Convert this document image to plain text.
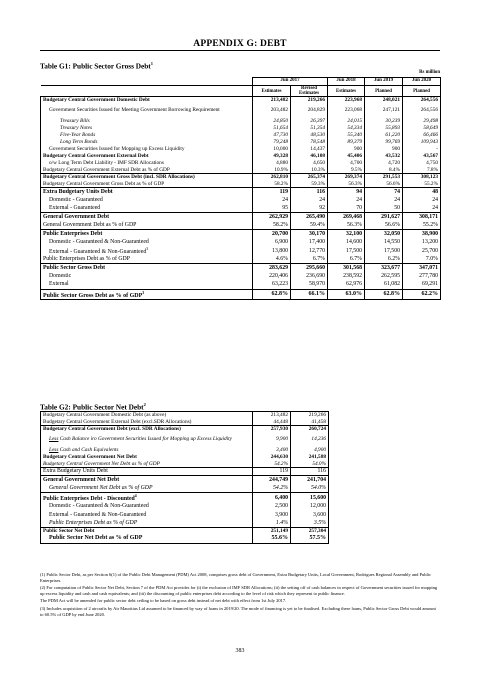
APPENDIX G: DEBT
Table G1: Public Sector Gross Debt$^1$
Rs million
	Jun 2017		Jun 2018	Jun 2019	Jun 2020
	Estimates	Revised Estimates	Estimates	Planned	Planned
Budgetary Central Government Domestic Debt	213,482	219,266	223,968	248,021	264,556
Government Securities Issued for Meeting Government Borrowing Requirement	203,482	204,829	223,068	247,121	264,556
Treasury Bills	24,850	26,397	24,015	30,239	29,498
Treasury Notes	51,654	51,354	54,334	55,893	58,649
Five-Year Bonds	47,730	48,530	55,340	61,220	66,466
Long Term Bonds	79,248	78,548	89,379	99,769	109,943
Government Securities Issued for Mopping up Excess Liquidity	10,000	14,437	900	900	-
Budgetary Central Government External Debt	49,328	46,108	45,406	43,532	43,567
o/w Long Term Debt Liability - IMF SDR Allocations	4,880	4,650	4,700	4,720	4,750
Budgetary Central Government External Debt as % of GDP	10.9%	10.3%	9.5%	8.4%	7.8%
Budgetary Central Government Gross Debt (incl. SDR Allocations)	262,810	265,374	269,374	291,553	308,123
Budgetary Central Government Gross Debt as % of GDP	58.2%	59.3%	56.3%	56.6%	55.2%
Extra Budgetary Units Debt	119	116	94	74	48
Domestic - Guaranteed	24	24	24	24	24
External - Guaranteed	95	92	70	50	24
General Government Debt	262,929	265,490	269,468	291,627	308,171
General Government Debt as % of GDP	58.2%	59.4%	56.3%	56.6%	55.2%
Public Enterprises Debt	20,700	30,170	32,100	32,050	38,900
Domestic - Guaranteed & Non-Guaranteed	6,900	17,400	14,600	14,550	13,200
External - Guaranteed & Non-Guaranteed$^3$	13,800	12,770	17,500	17,500	25,700
Public Enterprises Debt as % of GDP	4.6%	6.7%	6.7%	6.2%	7.0%
Public Sector Gross Debt	283,629	295,660	301,568	323,677	347,071
Domestic	220,406	236,690	238,592	262,595	277,780
External	63,223	58,970	62,976	61,082	69,291
Public Sector Gross Debt as % of GDP$^3$	62.8%	66.1%	63.0%	62.8%	62.2%
Table G2: Public Sector Net Debt$^2$
Budgetary Central Government Domestic Debt (as above)	213,482	219,266
Budgetary Central Government External Debt (excl.SDR Allocations)	44,448	41,458
Budgetary Central Government Debt (excl. SDR Allocations)	257,930	260,724
Less Cash Balance iro Government Securities Issued for Mopping up Excess Liquidity	9,900	14,236
Less Cash and Cash Equivalents	3,400	4,900
Budgetary Central Government Net Debt	244,630	241,588
Budgetary Central Government Net Debt as % of GDP	54.2%	54.0%
Extra Budgetary Units Debt	119	116
General Government Net Debt	244,749	241,704
General Government Net Debt as % of GDP	54.2%	54.0%
Public Enterprises Debt - Discounted$^4$	6,400	15,600
Domestic - Guaranteed & Non-Guaranteed	2,500	12,000
External - Guaranteed & Non-Guaranteed	3,900	3,600
Public Enterprises Debt as % of GDP	1.4%	3.5%
Public Sector Net Debt	251,149	257,304
Public Sector Net Debt as % of GDP	55.6%	57.5%

(1) Public Sector Debt, as per Section 6(1) of the Public Debt Management (PDM) Act 2008, comprises gross debt of Government, Extra Budgetary Units, Local Government, Rodrigues Regional Assembly and Public Enterprises.

(2) For computation of Public Sector Net Debt, Section 7 of the PDM Act provides for (i) the exclusion of IMF SDR Allocations; (ii) the setting off of cash balances in respect of Government securities issued for mopping up excess liquidity and cash and cash equivalents; and (iii) the discounting of public enterprises debt according to the level of risk which they represent to public finance.

The PDM Act will be amended for public sector debt ceiling to be based on gross debt instead of net debt with effect from 1st July 2017.

(3) Includes acquisition of 2 aircrafts by Air Mauritius Ltd assumed to be financed by way of loans in 2019/20. The mode of financing is yet to be finalised. Excluding these loans, Public Sector Gross Debt would amount to 60.5% of GDP by end June 2020.

383
